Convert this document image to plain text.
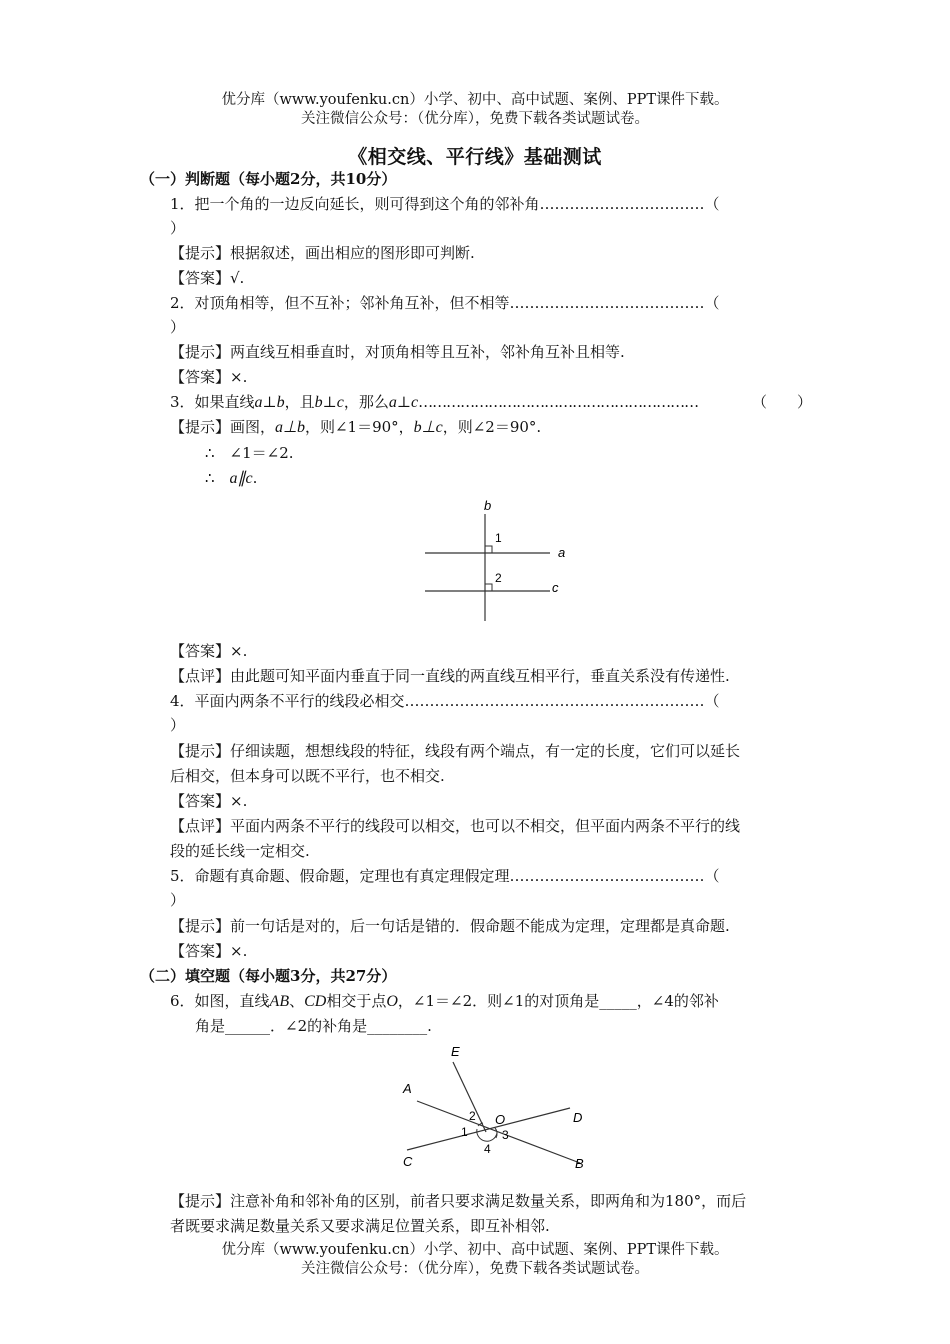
优分库（www.youfenku.cn）小学、初中、高中试题、案例、PPT课件下载。
关注微信公众号：（优分库），免费下载各类试题试卷。
《相交线、平行线》基础测试
（一）判断题（每小题2分，共10分）
1．把一个角的一边反向延长，则可得到这个角的邻补角……………………………（
）
【提示】根据叙述，画出相应的图形即可判断.
【答案】√.
2．对顶角相等，但不互补；邻补角互补，但不相等…………………………………（
）
【提示】两直线互相垂直时，对顶角相等且互补，邻补角互补且相等.
【答案】×.
3．如果直线a⊥b，且b⊥c，那么a⊥c……………………………………………………	（　　）
【提示】画图，a⊥b，则∠1＝90°，b⊥c，则∠2＝90°.
∴　∠1＝∠2.
∴　a∥c.
b
1
2
a
c
【答案】×.
【点评】由此题可知平面内垂直于同一直线的两直线互相平行，垂直关系没有传递性.
4．平面内两条不平行的线段必相交……………………………………………………（
）
【提示】仔细读题，想想线段的特征，线段有两个端点，有一定的长度，它们可以延长
后相交，但本身可以既不平行，也不相交.
【答案】×.
【点评】平面内两条不平行的线段可以相交，也可以不相交，但平面内两条不平行的线
段的延长线一定相交.
5．命题有真命题、假命题，定理也有真定理假定理…………………………………（
）
【提示】前一句话是对的，后一句话是错的．假命题不能成为定理，定理都是真命题.
【答案】×.
（二）填空题（每小题3分，共27分）
6．如图，直线AB、CD相交于点O，∠1＝∠2．则∠1的对顶角是_____，∠4的邻补
角是______．∠2的补角是________.
E
A
D
C	B
O
1
2
3
4
【提示】注意补角和邻补角的区别，前者只要求满足数量关系，即两角和为180°，而后
者既要求满足数量关系又要求满足位置关系，即互补相邻.
优分库（www.youfenku.cn）小学、初中、高中试题、案例、PPT课件下载。
关注微信公众号：（优分库），免费下载各类试题试卷。
